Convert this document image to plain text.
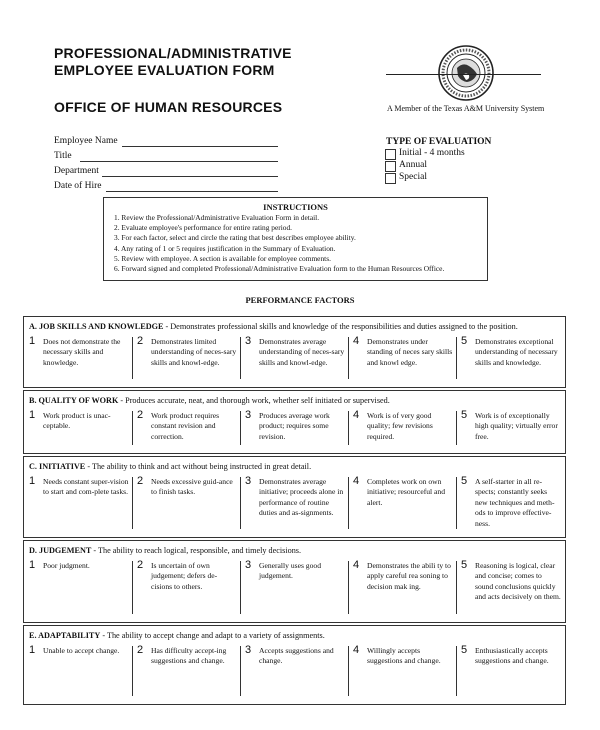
PROFESSIONAL/ADMINISTRATIVE
EMPLOYEE EVALUATION FORM
OFFICE OF HUMAN RESOURCES	A Member of the Texas A&M University System
Employee Name
Title
Department
Date of Hire
TYPE OF EVALUATION
Initial - 4 months
Annual
Special
INSTRUCTIONS
1. Review the Professional/Administrative Evaluation Form in detail.
2. Evaluate employee's performance for entire rating period.
3. For each factor, select and circle the rating that best describes employee ability.
4. Any rating of 1 or 5 requires justification in the Summary of Evaluation.
5. Review with employee. A section is available for employee comments.
6. Forward signed and completed Professional/Administrative Evaluation form to the Human Resources Office.
PERFORMANCE FACTORS
A. JOB SKILLS AND KNOWLEDGE - Demonstrates professional skills and knowledge of the responsibilities and duties assigned to the position.
1 Does not demonstrate the necessary skills and knowledge.
2 Demonstrates limited understanding of neces-sary skills and knowl-edge.
3 Demonstrates average understanding of neces-sary skills and knowl-edge.
4 Demonstrates under standing of neces sary skills and knowl edge.
5 Demonstrates exceptional understanding of necessary skills and knowledge.
B. QUALITY OF WORK - Produces accurate, neat, and thorough work, whether self initiated or supervised.
1 Work product is unac-ceptable.
2 Work product requires constant revision and correction.
3 Produces average work product; requires some revision.
4 Work is of very good quality; few revisions required.
5 Work is of exceptionally high quality; virtually error free.
C. INITIATIVE - The ability to think and act without being instructed in great detail.
1 Needs constant super-vision to start and com-plete tasks.
2 Needs excessive guid-ance to finish tasks.
3 Demonstrates average initiative; proceeds alone in performance of routine duties and as-signments.
4 Completes work on own initiative; resourceful and alert.
5 A self-starter in all re-spects; constantly seeks new techniques and meth-ods to improve effective-ness.
D. JUDGEMENT - The ability to reach logical, responsible, and timely decisions.
1 Poor judgment.	2 Is uncertain of own judgement; defers de-cisions to others.
3 Generally uses good judgement.
4 Demonstrates the abili ty to apply careful rea soning to decision mak ing.
5 Reasoning is logical, clear and concise; comes to sound conclusions quickly and acts decisively on them.
E. ADAPTABILITY - The ability to accept change and adapt to a variety of assignments.
1 Unable to accept change.	2 Has difficulty accept-ing suggestions and change.
3 Accepts suggestions and change.
4 Willingly accepts suggestions and change.
5 Enthusiastically accepts suggestions and change.
